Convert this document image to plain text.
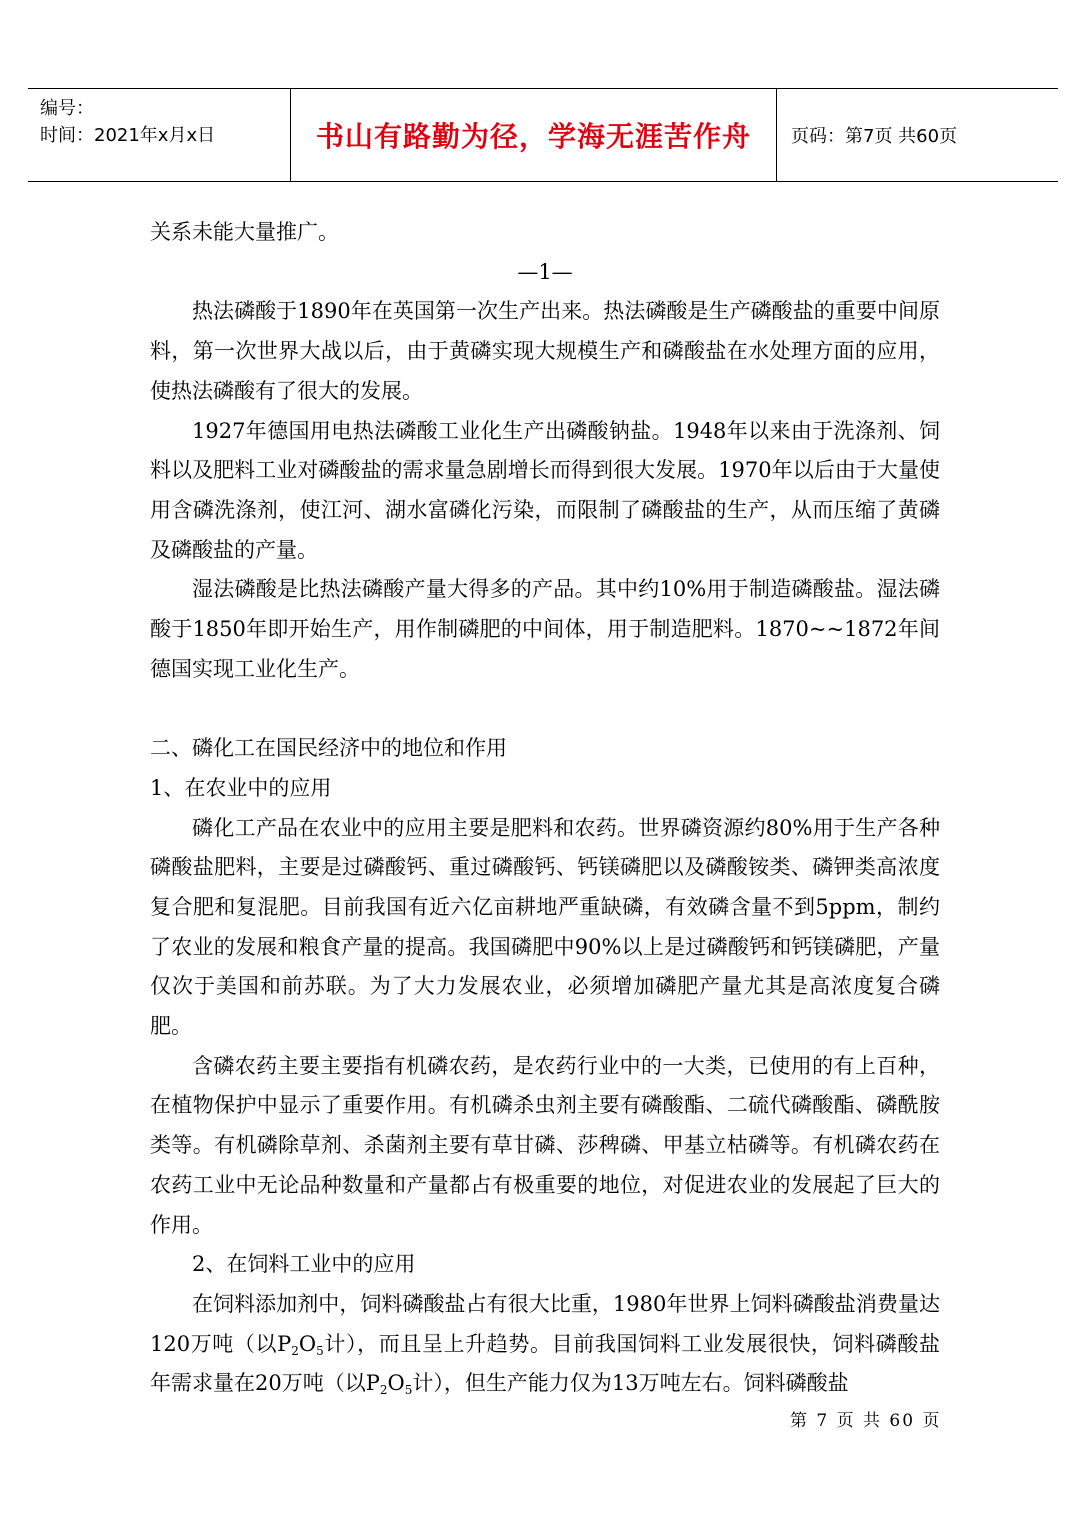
编号：
时间：2021年x月x日	书山有路勤为径，学海无涯苦作舟 页码：第7页 共60页

关系未能大量推广。

—1—

热法磷酸于1890年在英国第一次生产出来。热法磷酸是生产磷酸盐的重要中间原料，第一次世界大战以后，由于黄磷实现大规模生产和磷酸盐在水处理方面的应用，使热法磷酸有了很大的发展。

1927年德国用电热法磷酸工业化生产出磷酸钠盐。1948年以来由于洗涤剂、饲料以及肥料工业对磷酸盐的需求量急剧增长而得到很大发展。1970年以后由于大量使用含磷洗涤剂，使江河、湖水富磷化污染，而限制了磷酸盐的生产，从而压缩了黄磷及磷酸盐的产量。

湿法磷酸是比热法磷酸产量大得多的产品。其中约10%用于制造磷酸盐。湿法磷酸于1850年即开始生产，用作制磷肥的中间体，用于制造肥料。1870~~1872年间德国实现工业化生产。

二、磷化工在国民经济中的地位和作用

1、在农业中的应用

磷化工产品在农业中的应用主要是肥料和农药。世界磷资源约80%用于生产各种磷酸盐肥料，主要是过磷酸钙、重过磷酸钙、钙镁磷肥以及磷酸铵类、磷钾类高浓度复合肥和复混肥。目前我国有近六亿亩耕地严重缺磷，有效磷含量不到5ppm，制约了农业的发展和粮食产量的提高。我国磷肥中90%以上是过磷酸钙和钙镁磷肥，产量仅次于美国和前苏联。为了大力发展农业，必须增加磷肥产量尤其是高浓度复合磷肥。

含磷农药主要主要指有机磷农药，是农药行业中的一大类，已使用的有上百种，在植物保护中显示了重要作用。有机磷杀虫剂主要有磷酸酯、二硫代磷酸酯、磷酰胺类等。有机磷除草剂、杀菌剂主要有草甘磷、莎稗磷、甲基立枯磷等。有机磷农药在农药工业中无论品种数量和产量都占有极重要的地位，对促进农业的发展起了巨大的作用。

2、在饲料工业中的应用

在饲料添加剂中，饲料磷酸盐占有很大比重，1980年世界上饲料磷酸盐消费量达120万吨（以$P_2O_5$计），而且呈上升趋势。目前我国饲料工业发展很快，饲料磷酸盐年需求量在20万吨（以$P_2O_5$计），但生产能力仅为13万吨左右。饲料磷酸盐

第 7 页 共 60 页
